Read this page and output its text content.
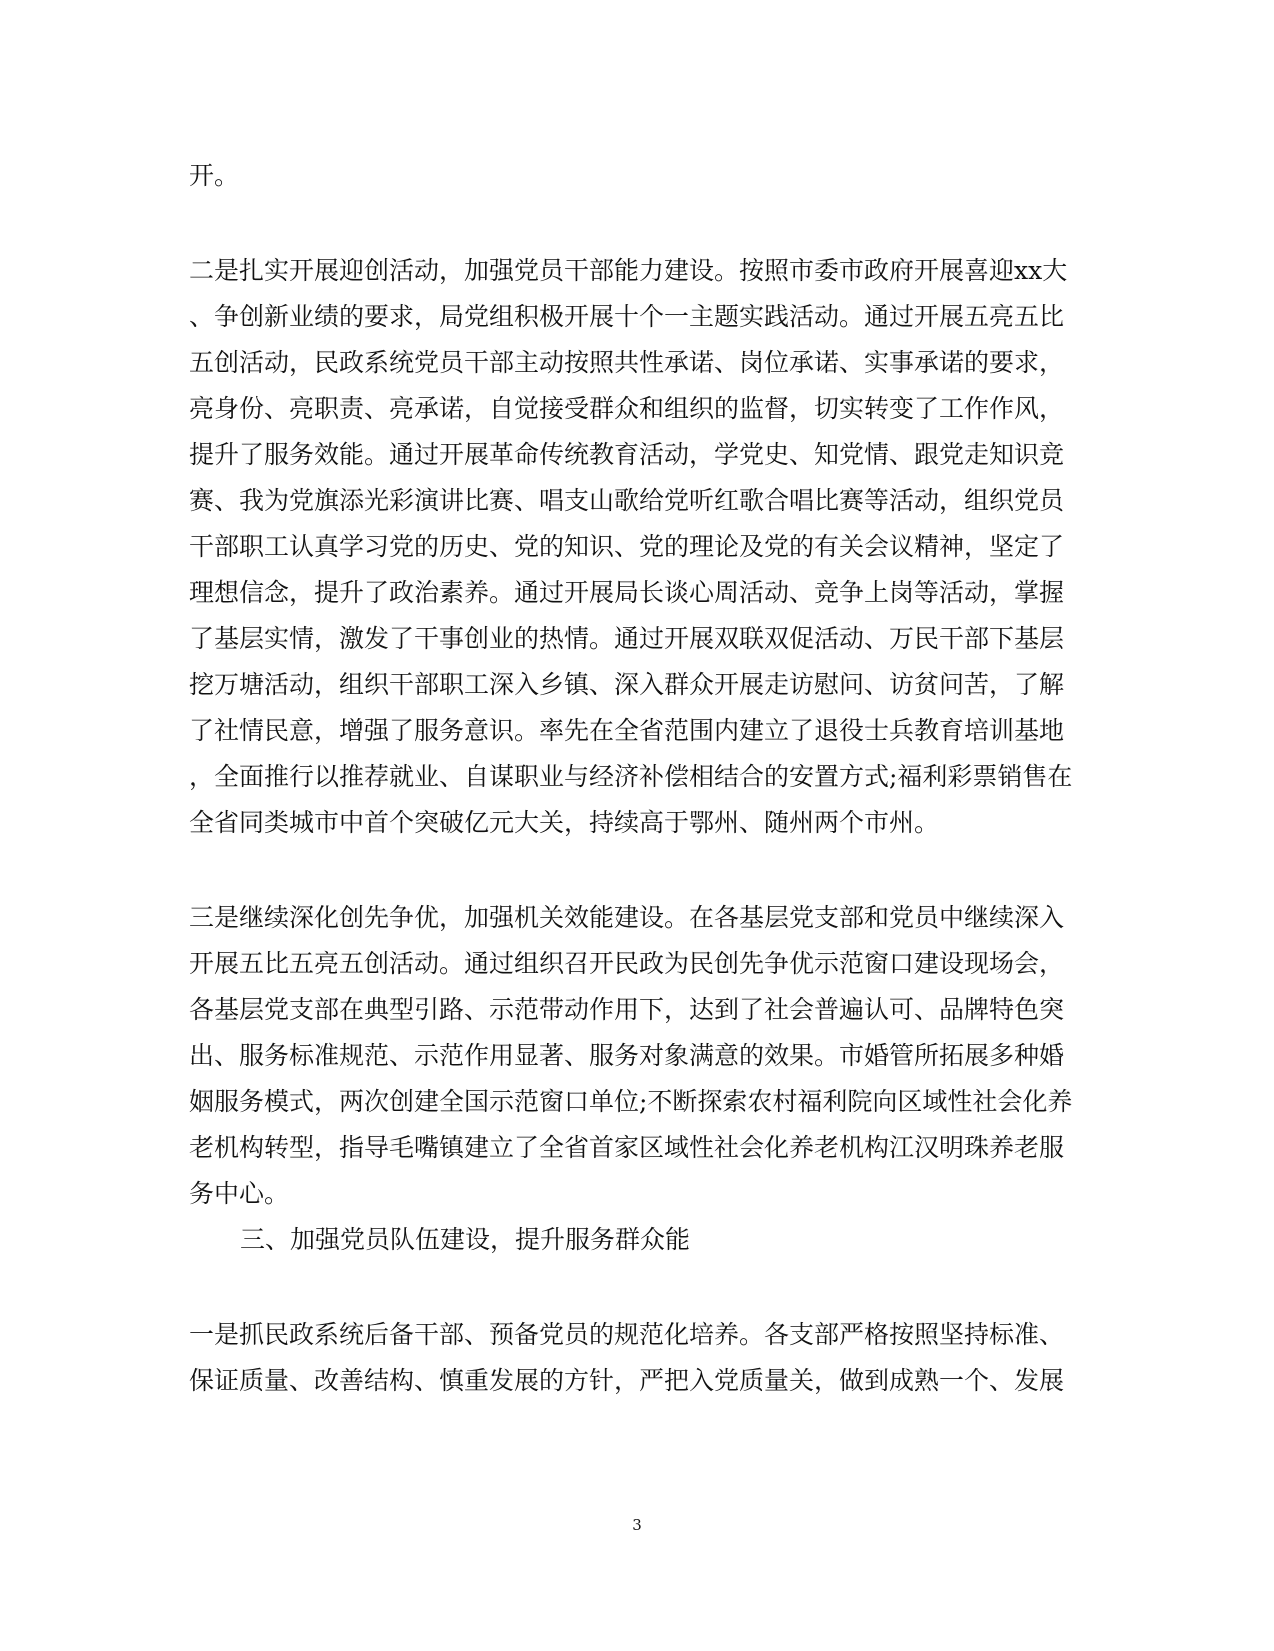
开。
二是扎实开展迎创活动，加强党员干部能力建设。按照市委市政府开展喜迎xx大
、争创新业绩的要求，局党组积极开展十个一主题实践活动。通过开展五亮五比
五创活动，民政系统党员干部主动按照共性承诺、岗位承诺、实事承诺的要求，
亮身份、亮职责、亮承诺，自觉接受群众和组织的监督，切实转变了工作作风，
提升了服务效能。通过开展革命传统教育活动，学党史、知党情、跟党走知识竞
赛、我为党旗添光彩演讲比赛、唱支山歌给党听红歌合唱比赛等活动，组织党员
干部职工认真学习党的历史、党的知识、党的理论及党的有关会议精神，坚定了
理想信念，提升了政治素养。通过开展局长谈心周活动、竞争上岗等活动，掌握
了基层实情，激发了干事创业的热情。通过开展双联双促活动、万民干部下基层
挖万塘活动，组织干部职工深入乡镇、深入群众开展走访慰问、访贫问苦，了解
了社情民意，增强了服务意识。率先在全省范围内建立了退役士兵教育培训基地
，全面推行以推荐就业、自谋职业与经济补偿相结合的安置方式;福利彩票销售在
全省同类城市中首个突破亿元大关，持续高于鄂州、随州两个市州。
三是继续深化创先争优，加强机关效能建设。在各基层党支部和党员中继续深入
开展五比五亮五创活动。通过组织召开民政为民创先争优示范窗口建设现场会，
各基层党支部在典型引路、示范带动作用下，达到了社会普遍认可、品牌特色突
出、服务标准规范、示范作用显著、服务对象满意的效果。市婚管所拓展多种婚
姻服务模式，两次创建全国示范窗口单位;不断探索农村福利院向区域性社会化养
老机构转型，指导毛嘴镇建立了全省首家区域性社会化养老机构江汉明珠养老服
务中心。
三、加强党员队伍建设，提升服务群众能
一是抓民政系统后备干部、预备党员的规范化培养。各支部严格按照坚持标准、
保证质量、改善结构、慎重发展的方针，严把入党质量关，做到成熟一个、发展
3
